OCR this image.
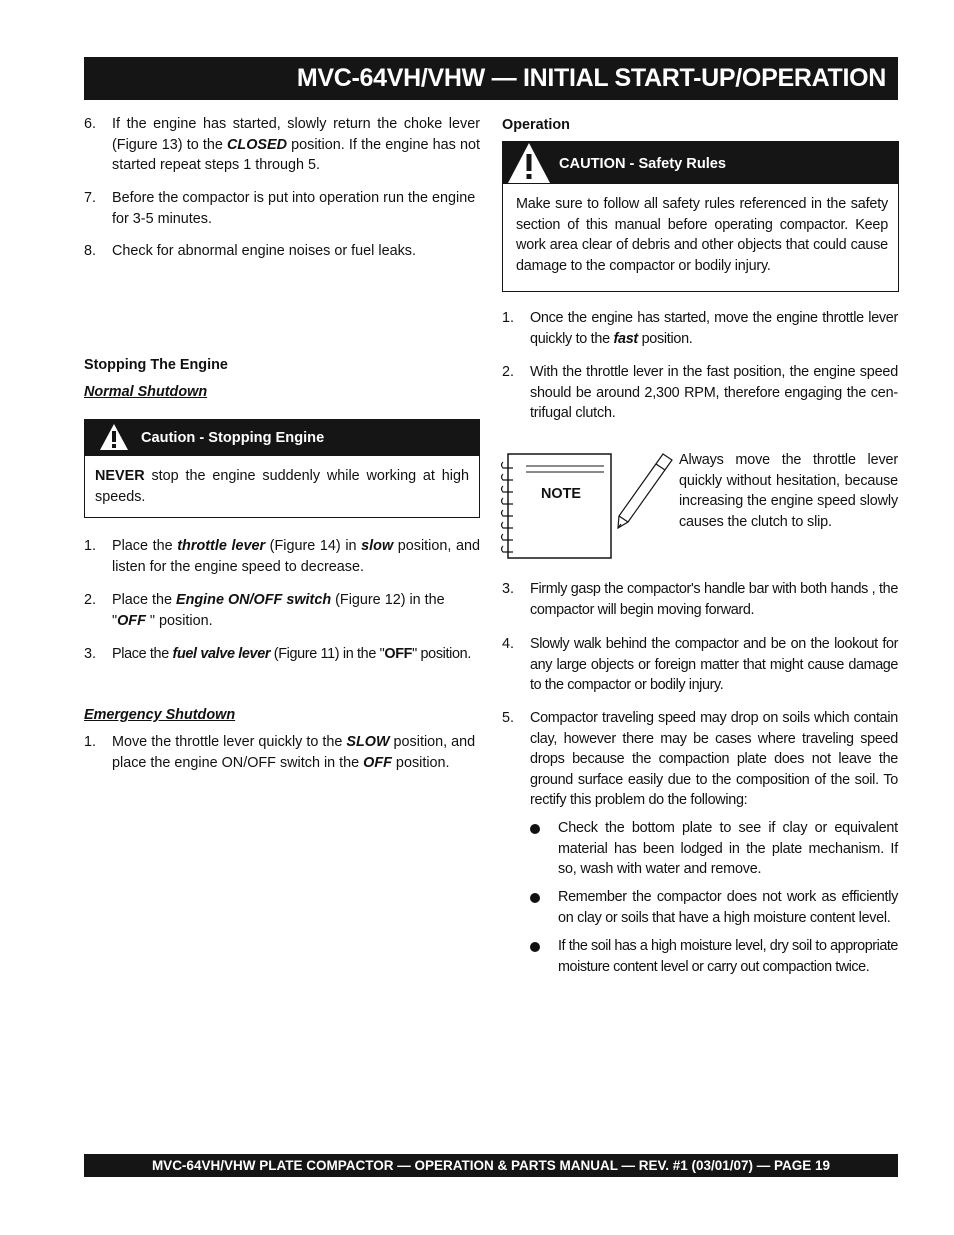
MVC-64VH/VHW — INITIAL START-UP/OPERATION
6. If the engine has started, slowly return the choke lever (Figure 13) to the CLOSED position. If the engine has not started repeat steps 1 through 5.
7. Before the compactor is put into operation run the engine for 3-5 minutes.
8. Check for abnormal engine noises or fuel leaks.
Stopping The Engine
Normal Shutdown
Caution - Stopping Engine
NEVER stop the engine suddenly while working at high speeds.
1. Place the throttle lever (Figure 14) in slow position, and listen for the engine speed to decrease.
2. Place the Engine ON/OFF switch (Figure 12) in the "OFF " position.
3. Place the fuel valve lever (Figure 11) in the "OFF" position.
Emergency Shutdown
1. Move the throttle lever quickly to the SLOW position, and place the engine ON/OFF switch in the OFF position.
Operation
CAUTION - Safety Rules
Make sure to follow all safety rules referenced in the safety section of this manual before operating compactor. Keep work area clear of debris and other objects that could cause damage to the compactor or bodily injury.
1. Once the engine has started, move the engine throttle lever quickly to the fast position.
2. With the throttle lever in the fast position, the engine speed should be around 2,300 RPM, therefore engaging the cen-trifugal clutch.
NOTE
Always move the throttle lever quickly without hesitation, because increasing the engine speed slowly causes the clutch to slip.
3. Firmly gasp the compactor's handle bar with both hands , the compactor will begin moving forward.
4. Slowly walk behind the compactor and be on the lookout for any large objects or foreign matter that might cause damage to the compactor or bodily injury.
5. Compactor traveling speed may drop on soils which contain clay, however there may be cases where traveling speed drops because the compaction plate does not leave the ground surface easily due to the composition of the soil. To rectify this problem do the following:
Check the bottom plate to see if clay or equivalent material has been lodged in the plate mechanism. If so, wash with water and remove.
Remember the compactor does not work as efficiently on clay or soils that have a high moisture content level.
If the soil has a high moisture level, dry soil to appropriate moisture content level or carry out compaction twice.
MVC-64VH/VHW PLATE COMPACTOR — OPERATION & PARTS MANUAL — REV. #1 (03/01/07) — PAGE 19
